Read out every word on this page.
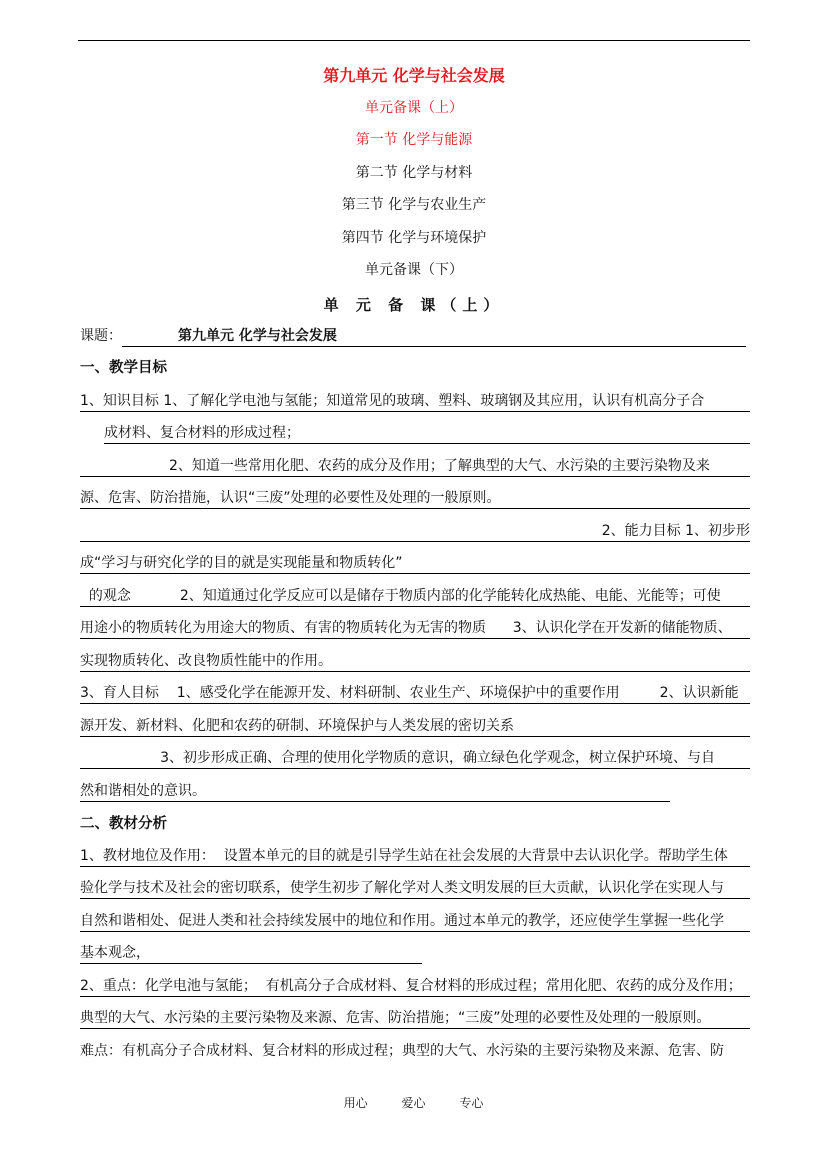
第九单元 化学与社会发展
单元备课（上）
第一节 化学与能源
第二节 化学与材料
第三节 化学与农业生产
第四节 化学与环境保护
单元备课（下）
单 元 备 课（上）
课题：	第九单元 化学与社会发展
一、教学目标
1、知识目标 1、了解化学电池与氢能；知道常见的玻璃、塑料、玻璃钢及其应用，认识有机高分子合
成材料、复合材料的形成过程；
2、知道一些常用化肥、农药的成分及作用；了解典型的大气、水污染的主要污染物及来
源、危害、防治措施，认识“三废”处理的必要性及处理的一般原则。
2、能力目标 1、初步形
成“学习与研究化学的目的就是实现能量和物质转化”
的观念           2、知道通过化学反应可以是储存于物质内部的化学能转化成热能、电能、光能等；可使
用途小的物质转化为用途大的物质、有害的物质转化为无害的物质      3、认识化学在开发新的储能物质、
实现物质转化、改良物质性能中的作用。
3、育人目标    1、感受化学在能源开发、材料研制、农业生产、环境保护中的重要作用         2、认识新能
源开发、新材料、化肥和农药的研制、环境保护与人类发展的密切关系
3、初步形成正确、合理的使用化学物质的意识，确立绿色化学观念，树立保护环境、与自
然和谐相处的意识。
二、教材分析
1、教材地位及作用：  设置本单元的目的就是引导学生站在社会发展的大背景中去认识化学。帮助学生体
验化学与技术及社会的密切联系，使学生初步了解化学对人类文明发展的巨大贡献，认识化学在实现人与
自然和谐相处、促进人类和社会持续发展中的地位和作用。通过本单元的教学，还应使学生掌握一些化学
基本观念，
2、重点：化学电池与氢能；  有机高分子合成材料、复合材料的形成过程；常用化肥、农药的成分及作用；
典型的大气、水污染的主要污染物及来源、危害、防治措施；“三废”处理的必要性及处理的一般原则。
难点：有机高分子合成材料、复合材料的形成过程；典型的大气、水污染的主要污染物及来源、危害、防
用心	爱心	专心
